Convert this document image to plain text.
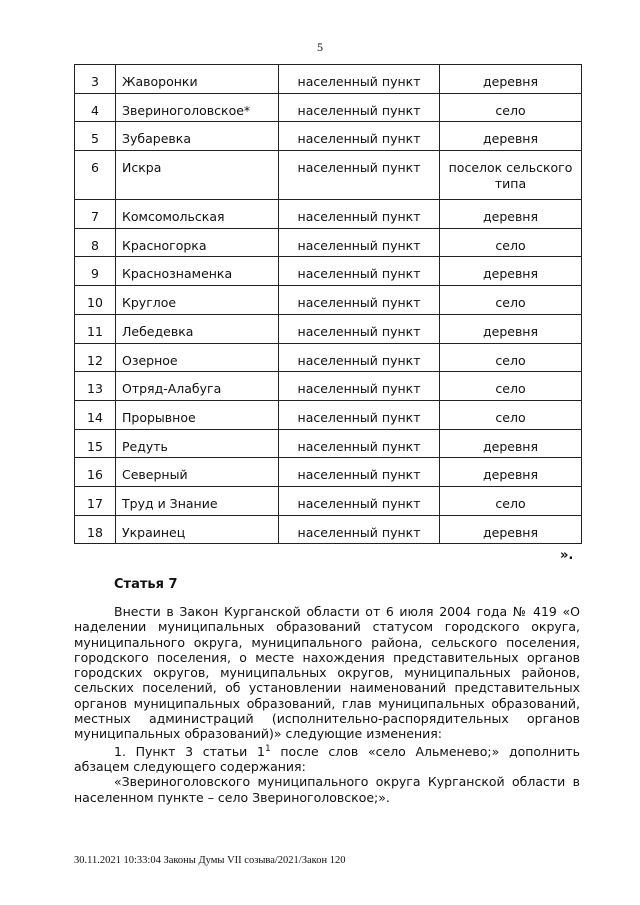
5
3	Жаворонки	населенный пункт	деревня
4	Звериноголовское*	населенный пункт	село
5	Зубаревка	населенный пункт	деревня
6	Искра	населенный пункт	поселок сельского типа
7	Комсомольская	населенный пункт	деревня
8	Красногорка	населенный пункт	село
9	Краснознаменка	населенный пункт	деревня
10	Круглое	населенный пункт	село
11	Лебедевка	населенный пункт	деревня
12	Озерное	населенный пункт	село
13	Отряд-Алабуга	населенный пункт	село
14	Прорывное	населенный пункт	село
15	Редуть	населенный пункт	деревня
16	Северный	населенный пункт	деревня
17	Труд и Знание	населенный пункт	село
18	Украинец	населенный пункт	деревня
».
Статья 7

Внести в Закон Курганской области от 6 июля 2004 года № 419 «О наделении муниципальных образований статусом городского округа, муниципального округа, муниципального района, сельского поселения, городского поселения, о месте нахождения представительных органов городских округов, муниципальных округов, муниципальных районов, сельских поселений, об установлении наименований представительных органов муниципальных образований, глав муниципальных образований, местных администраций (исполнительно-распорядительных органов муниципальных образований)» следующие изменения:

1. Пункт 3 статьи $1^1$ после слов «село Альменево;» дополнить абзацем следующего содержания:

«Звериноголовского муниципального округа Курганской области в населенном пункте – село Звериноголовское;».

30.11.2021 10:33:04 Законы Думы VII созыва/2021/Закон 120
